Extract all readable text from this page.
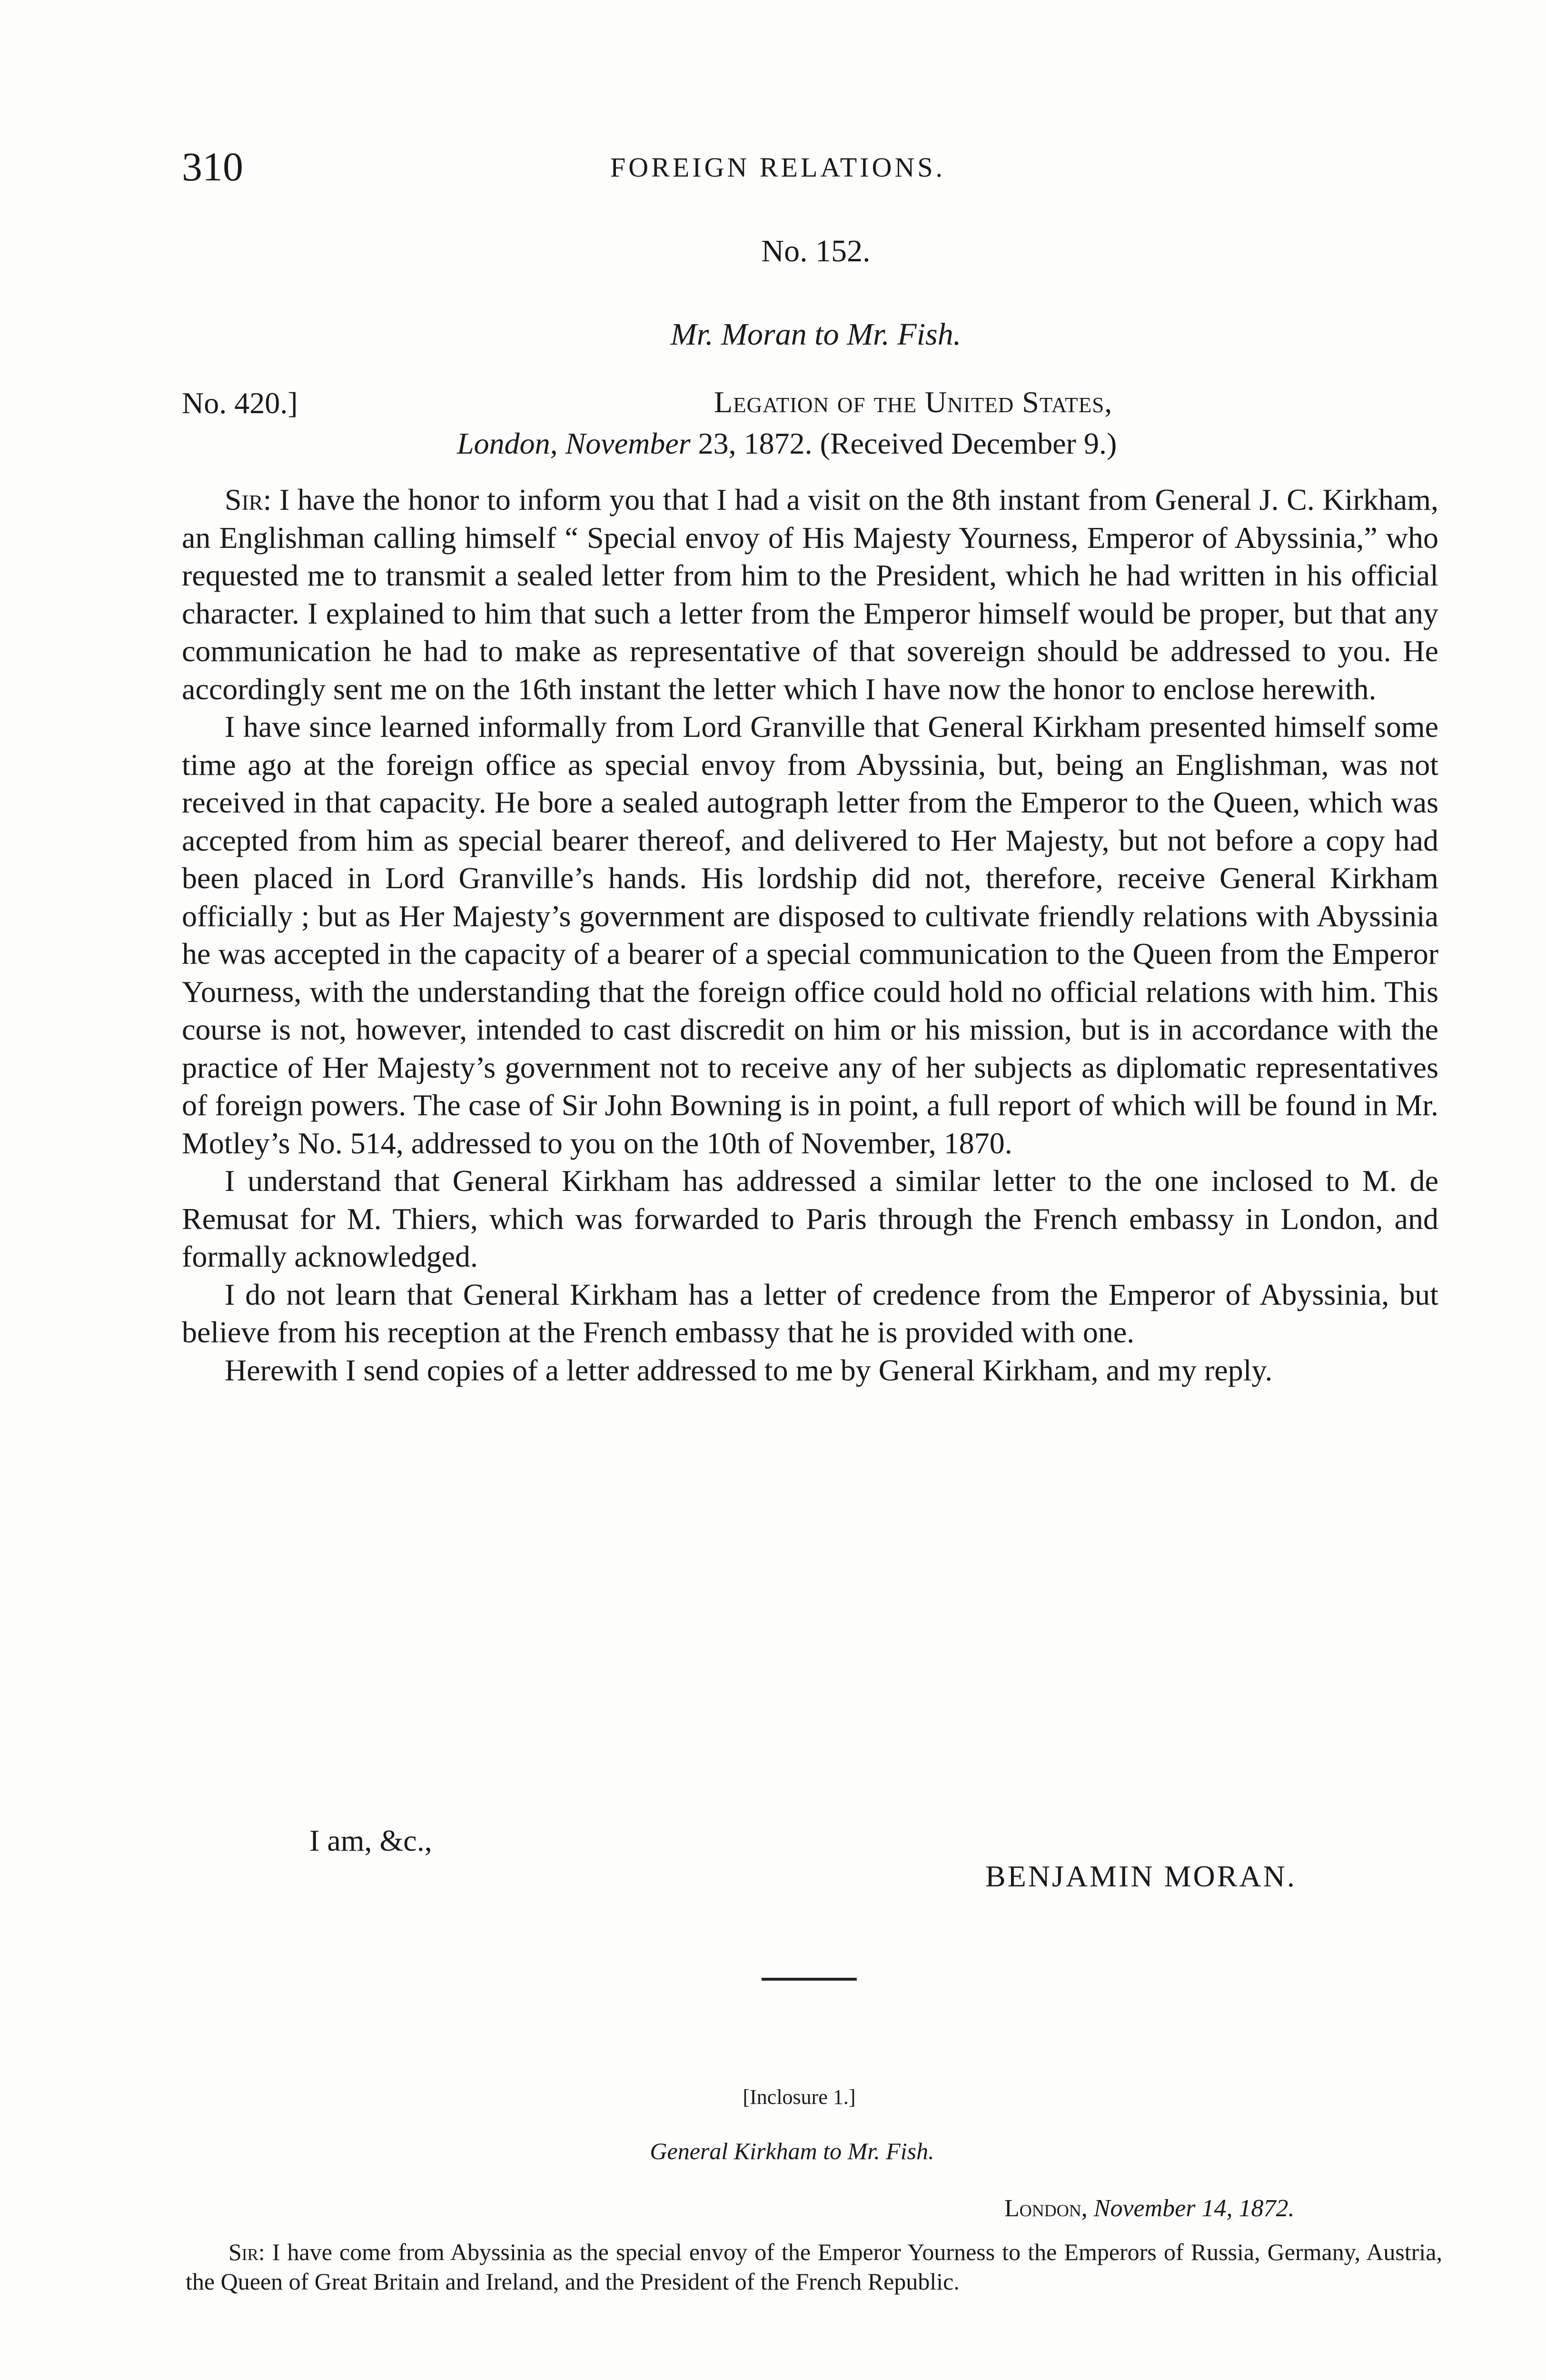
310	FOREIGN RELATIONS.
No. 152.
Mr. Moran to Mr. Fish.
No. 420.]	Legation of the United States,
London, November 23, 1872. (Received December 9.)

Sir: I have the honor to inform you that I had a visit on the 8th instant from General J. C. Kirkham, an Englishman calling himself “ Special envoy of His Majesty Yourness, Emperor of Abyssinia,” who requested me to transmit a sealed letter from him to the President, which he had written in his official character. I explained to him that such a letter from the Emperor himself would be proper, but that any communication he had to make as representative of that sovereign should be addressed to you. He accordingly sent me on the 16th instant the letter which I have now the honor to enclose herewith.

I have since learned informally from Lord Granville that General Kirkham presented himself some time ago at the foreign office as special envoy from Abyssinia, but, being an Englishman, was not received in that capacity. He bore a sealed autograph letter from the Emperor to the Queen, which was accepted from him as special bearer thereof, and delivered to Her Majesty, but not before a copy had been placed in Lord Granville’s hands. His lordship did not, therefore, receive General Kirkham officially ; but as Her Majesty’s government are disposed to cultivate friendly relations with Abyssinia he was accepted in the capacity of a bearer of a special communication to the Queen from the Emperor Yourness, with the understanding that the foreign office could hold no official relations with him. This course is not, however, intended to cast discredit on him or his mission, but is in accordance with the practice of Her Majesty’s government not to receive any of her subjects as diplomatic representatives of foreign powers. The case of Sir John Bowning is in point, a full report of which will be found in Mr. Motley’s No. 514, addressed to you on the 10th of November, 1870.

I understand that General Kirkham has addressed a similar letter to the one inclosed to M. de Remusat for M. Thiers, which was forwarded to Paris through the French embassy in London, and formally acknowledged.

I do not learn that General Kirkham has a letter of credence from the Emperor of Abyssinia, but believe from his reception at the French embassy that he is provided with one.

Herewith I send copies of a letter addressed to me by General Kirkham, and my reply.

I am, &c.,
BENJAMIN MORAN.
[Inclosure 1.]
General Kirkham to Mr. Fish.
London, November 14, 1872.

Sir: I have come from Abyssinia as the special envoy of the Emperor Yourness to the Emperors of Russia, Germany, Austria, the Queen of Great Britain and Ireland, and the President of the French Republic.
